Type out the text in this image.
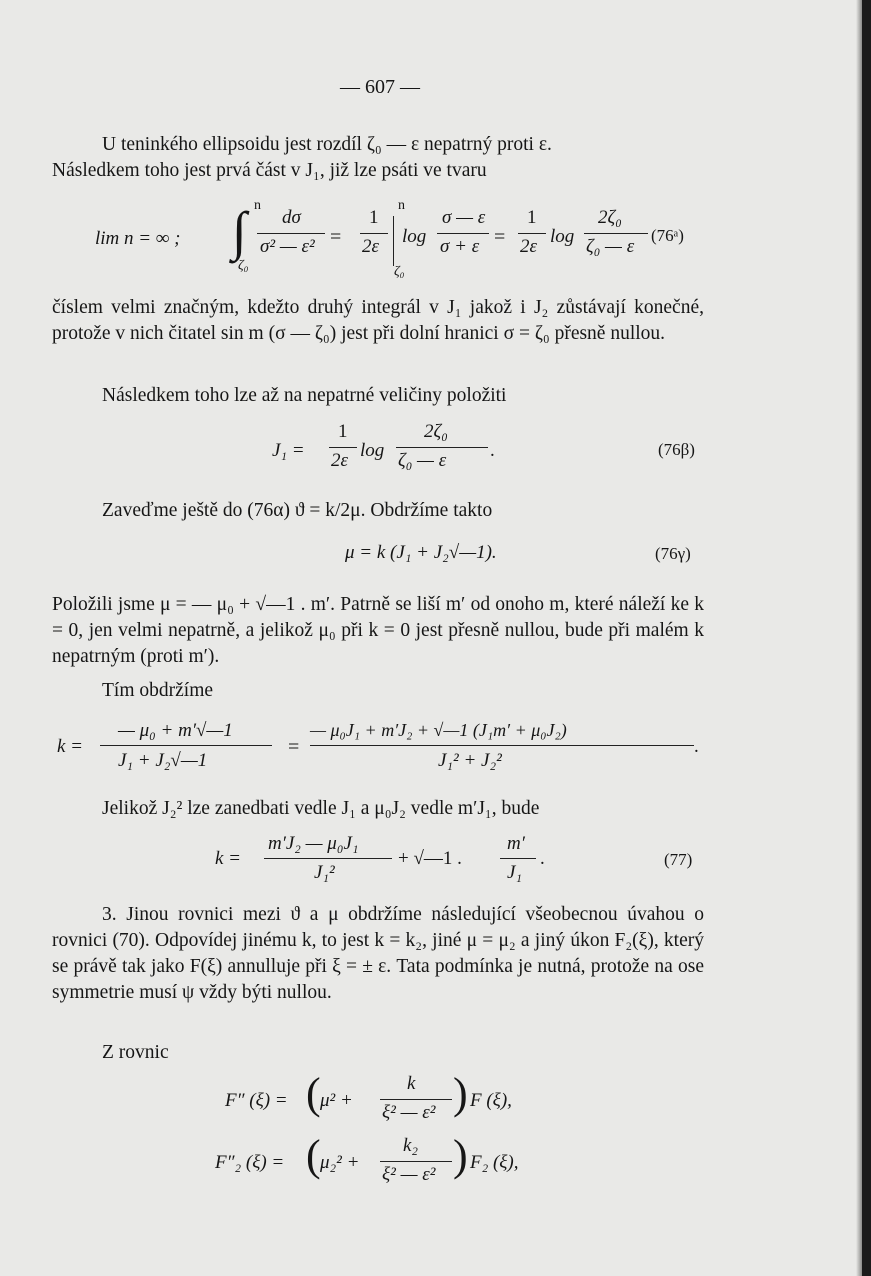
— 607 —
U teninkého ellipsoidu jest rozdíl ζ₀ — ε nepatrný proti ε.
Následkem toho jest prvá část v J₁, již lze psáti ve tvaru
lim n = ∞ ;
n
∫
ζ₀
dσ
σ² — ε² =
1
2ε
n
ζ₀
log
σ — ε
σ + ε =
1
2ε log
2ζ₀
ζ₀ — ε
(76ᵃ)
číslem velmi značným, kdežto druhý integrál v J₁ jakož i J₂ zůstávají konečné, protože v nich čitatel sin m (σ — ζ₀) jest při dolní hranici σ = ζ₀ přesně nullou.
Následkem toho lze až na nepatrné veličiny položiti
J₁ =
1
2ε log
2ζ₀
ζ₀ — ε .	(76β)
Zaveďme ještě do (76α) ϑ = k/2μ. Obdržíme takto
μ = k (J₁ + J₂√—1).	(76γ)
Položili jsme μ = — μ₀ + √—1 . m′. Patrně se liší m′ od onoho m, které náleží ke k = 0, jen velmi nepatrně, a jelikož μ₀ při k = 0 jest přesně nullou, bude při malém k nepatrným (proti m′).
Tím obdržíme
k =
— μ₀ + m′√—1
J₁ + J₂√—1
=
— μ₀J₁ + m′J₂ + √—1 (J₁m′ + μ₀J₂)
J₁² + J₂²
.
Jelikož J₂² lze zanedbati vedle J₁ a μ₀J₂ vedle m′J₁, bude
k =
m′J₂ — μ₀J₁
J₁²
+ √—1 .
m′
J₁
.	(77)
3. Jinou rovnici mezi ϑ a μ obdržíme následující všeobecnou úvahou o rovnici (70). Odpovídej jinému k, to jest k = k₂, jiné μ = μ₂ a jiný úkon F₂(ξ), který se právě tak jako F(ξ) annulluje při ξ = ± ε. Tata podmínka je nutná, protože na ose symmetrie musí ψ vždy býti nullou.
Z rovnic
F″ (ξ) = ( μ² +
k
ξ² — ε² ) F (ξ),
F″₂ (ξ) = ( μ₂² +
k₂
ξ² — ε² ) F₂ (ξ),
